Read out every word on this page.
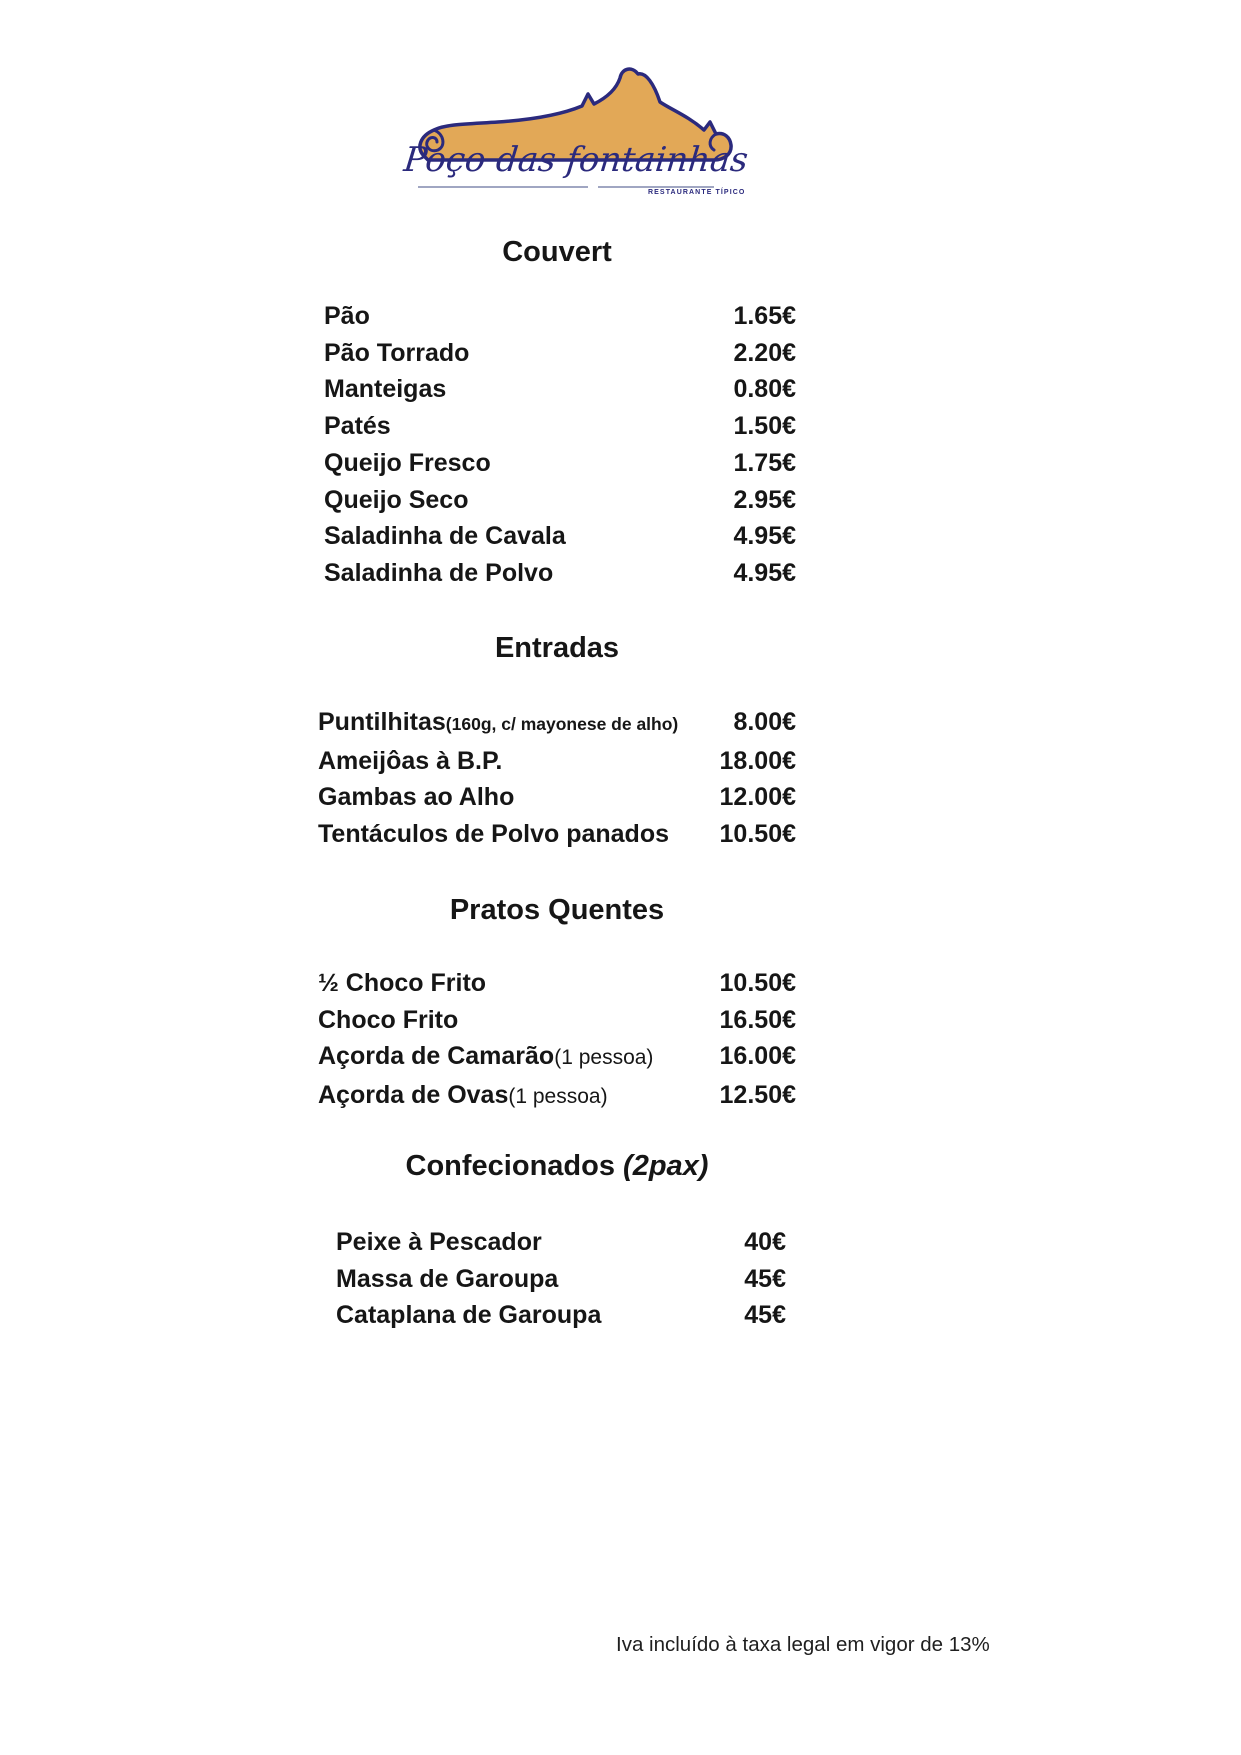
Poço das fontainhas
RESTAURANTE TÍPICO
Couvert
Pão	1.65€
Pão Torrado	2.20€
Manteigas	0.80€
Patés	1.50€
Queijo Fresco	1.75€
Queijo Seco	2.95€
Saladinha de Cavala	4.95€
Saladinha de Polvo	4.95€
Entradas
Puntilhitas(160g, c/ mayonese de alho) 8.00€
Ameijôas à B.P.	18.00€
Gambas ao Alho	12.00€
Tentáculos de Polvo panados 10.50€
Pratos Quentes
½ Choco Frito	10.50€
Choco Frito	16.50€
Açorda de Camarão(1 pessoa)	16.00€
Açorda de Ovas(1 pessoa)	12.50€
Confecionados (2pax)
Peixe à Pescador	40€
Massa de Garoupa	45€
Cataplana de Garoupa	45€
Iva incluído à taxa legal em vigor de 13%
